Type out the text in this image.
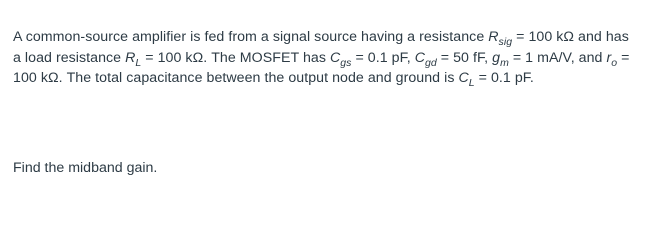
A common-source amplifier is fed from a signal source having a resistance $R_{sig} = 100$ kΩ and has a load resistance $R_L = 100$ kΩ. The MOSFET has $C_{gs} = 0.1$ pF, $C_{gd} = 50$ fF, $g_m = 1$ mA/V, and $r_o = 100$ kΩ. The total capacitance between the output node and ground is $C_L = 0.1$ pF.

Find the midband gain.
